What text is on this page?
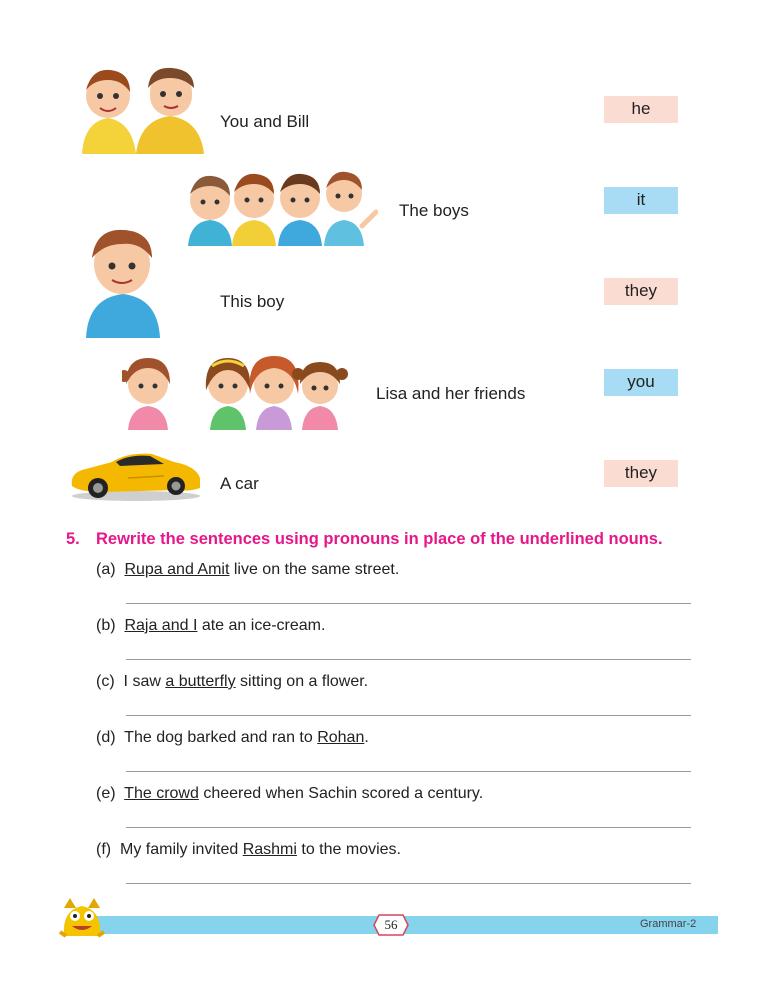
You and Bill
The boys
This boy
Lisa and her friends
A car
he
it
they
you
they
5. Rewrite the sentences using pronouns in place of the underlined nouns.
(a) Rupa and Amit live on the same street.
(b) Raja and I ate an ice-cream.
(c) I saw a butterfly sitting on a flower.
(d) The dog barked and ran to Rohan.
(e) The crowd cheered when Sachin scored a century.
(f) My family invited Rashmi to the movies.
56	Grammar-2
